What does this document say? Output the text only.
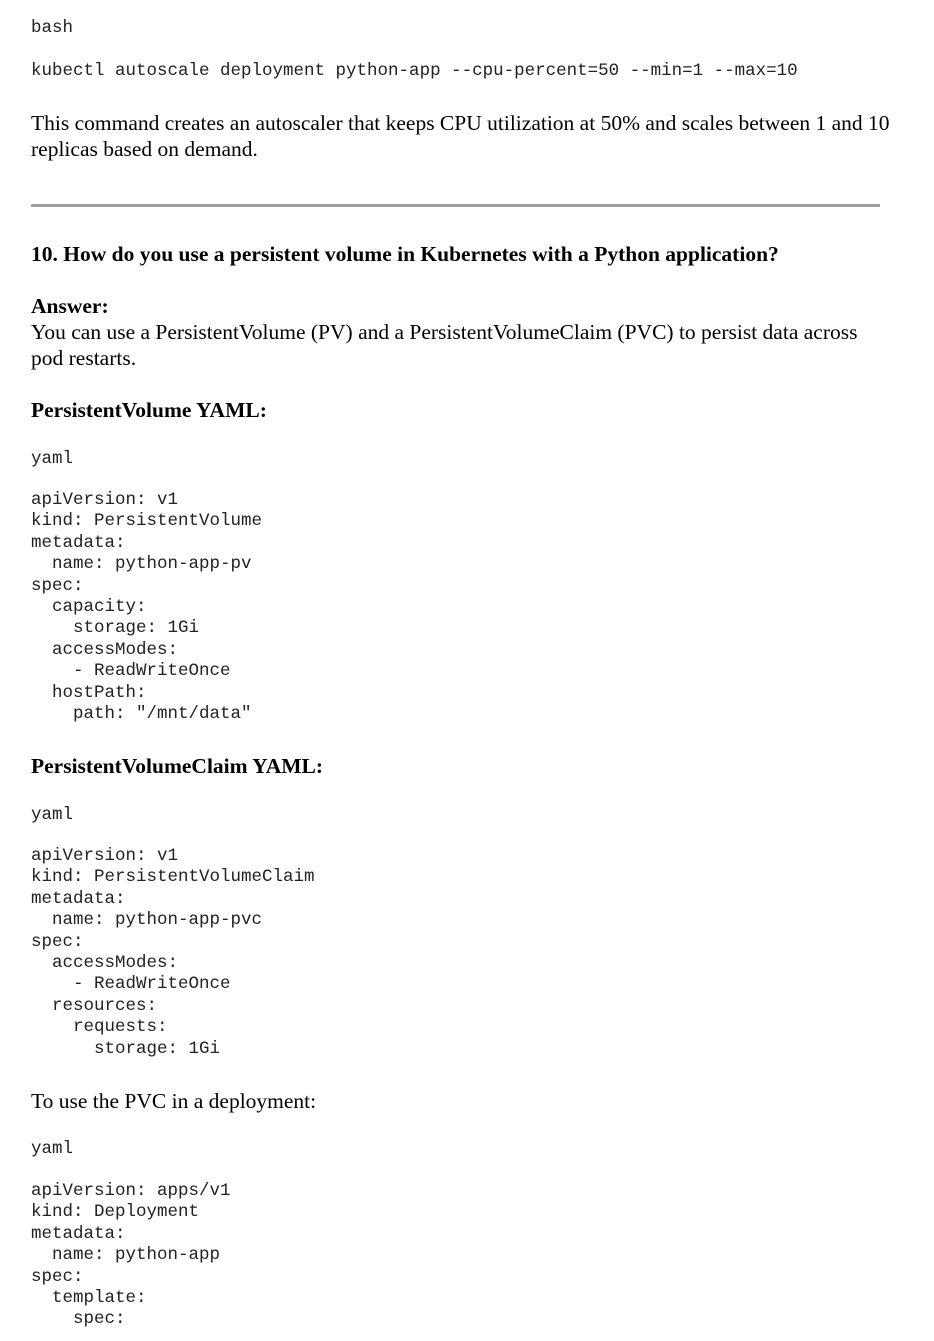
bash
kubectl autoscale deployment python-app --cpu-percent=50 --min=1 --max=10

This command creates an autoscaler that keeps CPU utilization at 50% and scales between 1 and 10 replicas based on demand.

10. How do you use a persistent volume in Kubernetes with a Python application?

Answer:

You can use a PersistentVolume (PV) and a PersistentVolumeClaim (PVC) to persist data across pod restarts.

PersistentVolume YAML:

yaml
apiVersion: v1
kind: PersistentVolume
metadata:
name: python-app-pv
spec:
capacity:
storage: 1Gi
accessModes:
- ReadWriteOnce
hostPath:
path: "/mnt/data"

PersistentVolumeClaim YAML:

yaml
apiVersion: v1
kind: PersistentVolumeClaim
metadata:
name: python-app-pvc
spec:
accessModes:
- ReadWriteOnce
resources:
requests:
storage: 1Gi

To use the PVC in a deployment:

yaml
apiVersion: apps/v1
kind: Deployment
metadata:
name: python-app
spec:
template:
spec:
